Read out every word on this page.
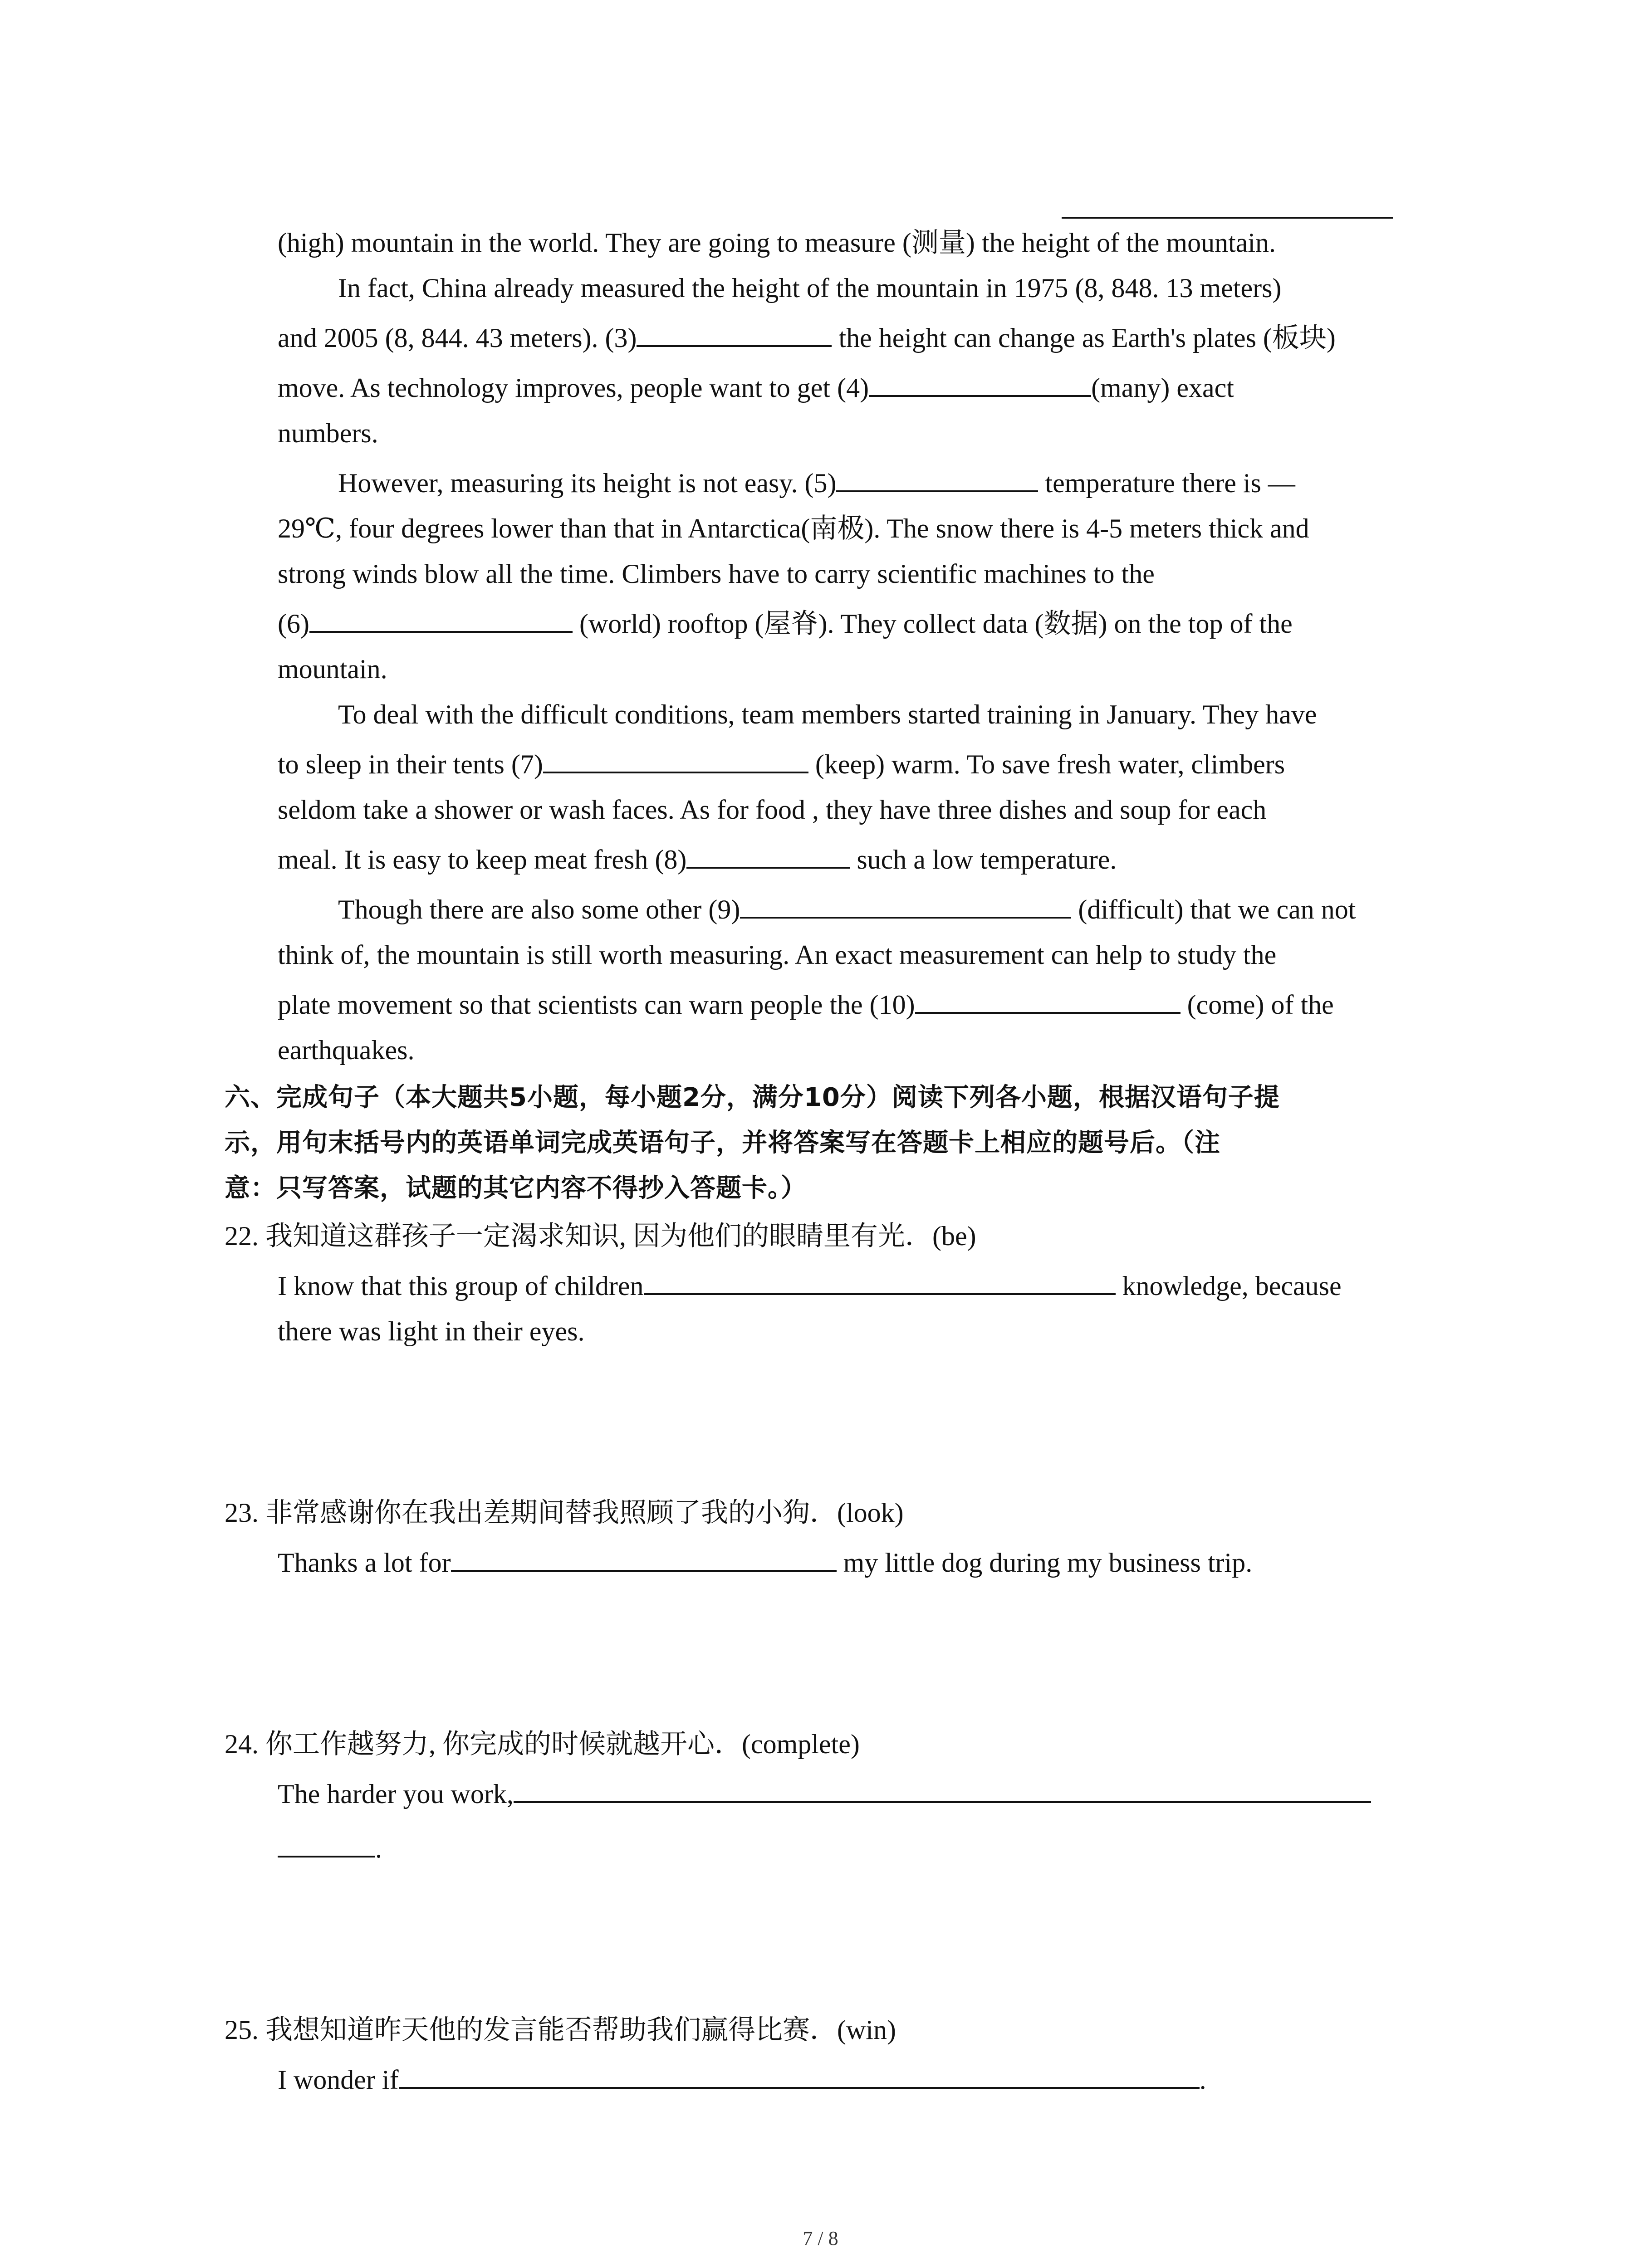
(high) mountain in the world. They are going to measure (测量) the height of the mountain.
In fact, China already measured the height of the mountain in 1975 (8, 848. 13 meters)
and 2005 (8, 844. 43 meters). (3)	the height can change as Earth's plates (板块)
move. As technology improves, people want to get (4)	(many) exact
numbers.
However, measuring its height is not easy. (5)	temperature there is —
29℃, four degrees lower than that in Antarctica(南极). The snow there is 4-5 meters thick and
strong winds blow all the time. Climbers have to carry scientific machines to the
(6)	(world) rooftop (屋脊). They collect data (数据) on the top of the
mountain.
To deal with the difficult conditions, team members started training in January. They have
to sleep in their tents (7)	(keep) warm. To save fresh water, climbers
seldom take a shower or wash faces. As for food , they have three dishes and soup for each
meal. It is easy to keep meat fresh (8)	such a low temperature.
Though there are also some other (9)	(difficult) that we can not
think of, the mountain is still worth measuring. An exact measurement can help to study the
plate movement so that scientists can warn people the (10)	(come) of the
earthquakes.
六、完成句子（本大题共5小题，每小题2分，满分10分）阅读下列各小题，根据汉语句子提
示，用句末括号内的英语单词完成英语句子，并将答案写在答题卡上相应的题号后。（注
意：只写答案，试题的其它内容不得抄入答题卡。）
22. 我知道这群孩子一定渴求知识, 因为他们的眼睛里有光．(be)
I know that this group of children	knowledge, because
there was light in their eyes.
23. 非常感谢你在我出差期间替我照顾了我的小狗．(look)
Thanks a lot for	my little dog during my business trip.
24. 你工作越努力, 你完成的时候就越开心．(complete)
The harder you work,
.
25. 我想知道昨天他的发言能否帮助我们赢得比赛．(win)
I wonder if	.
7 / 8
